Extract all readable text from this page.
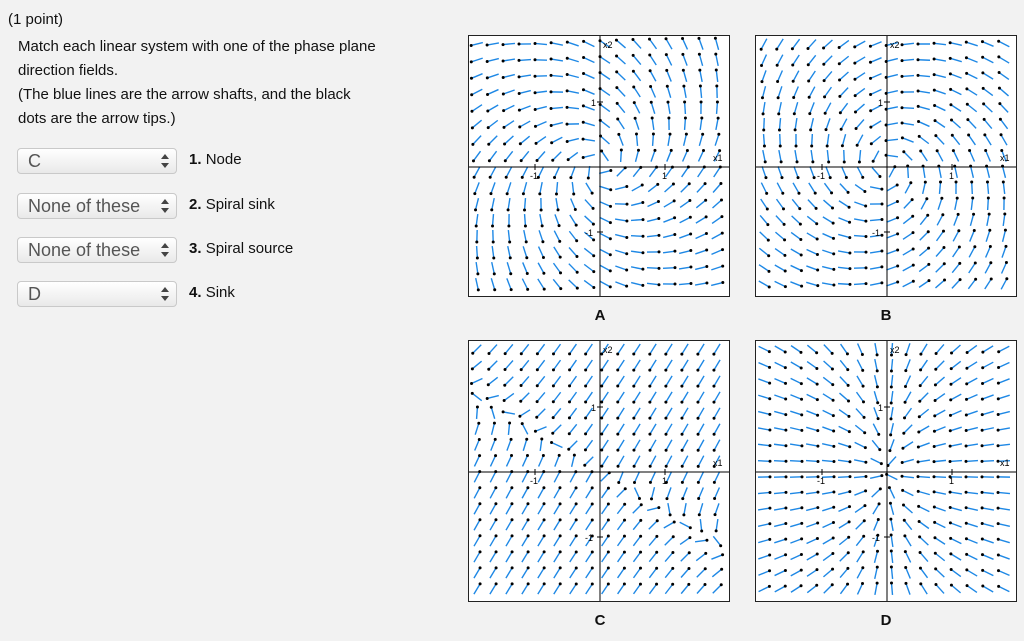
(1 point)
Match each linear system with one of the phase plane
direction fields.
(The blue lines are the arrow shafts, and the black
dots are the arrow tips.)
C	1. Node
None of these	2. Spiral sink
None of these	3. Spiral source
D	4. Sink
x1
x2
1
-1
1
-1
A
x1
x2
1
-1
1
-1
B
x1
x2
1
-1
1
-1
C
x1
x2
1
-1
1
-1
D
